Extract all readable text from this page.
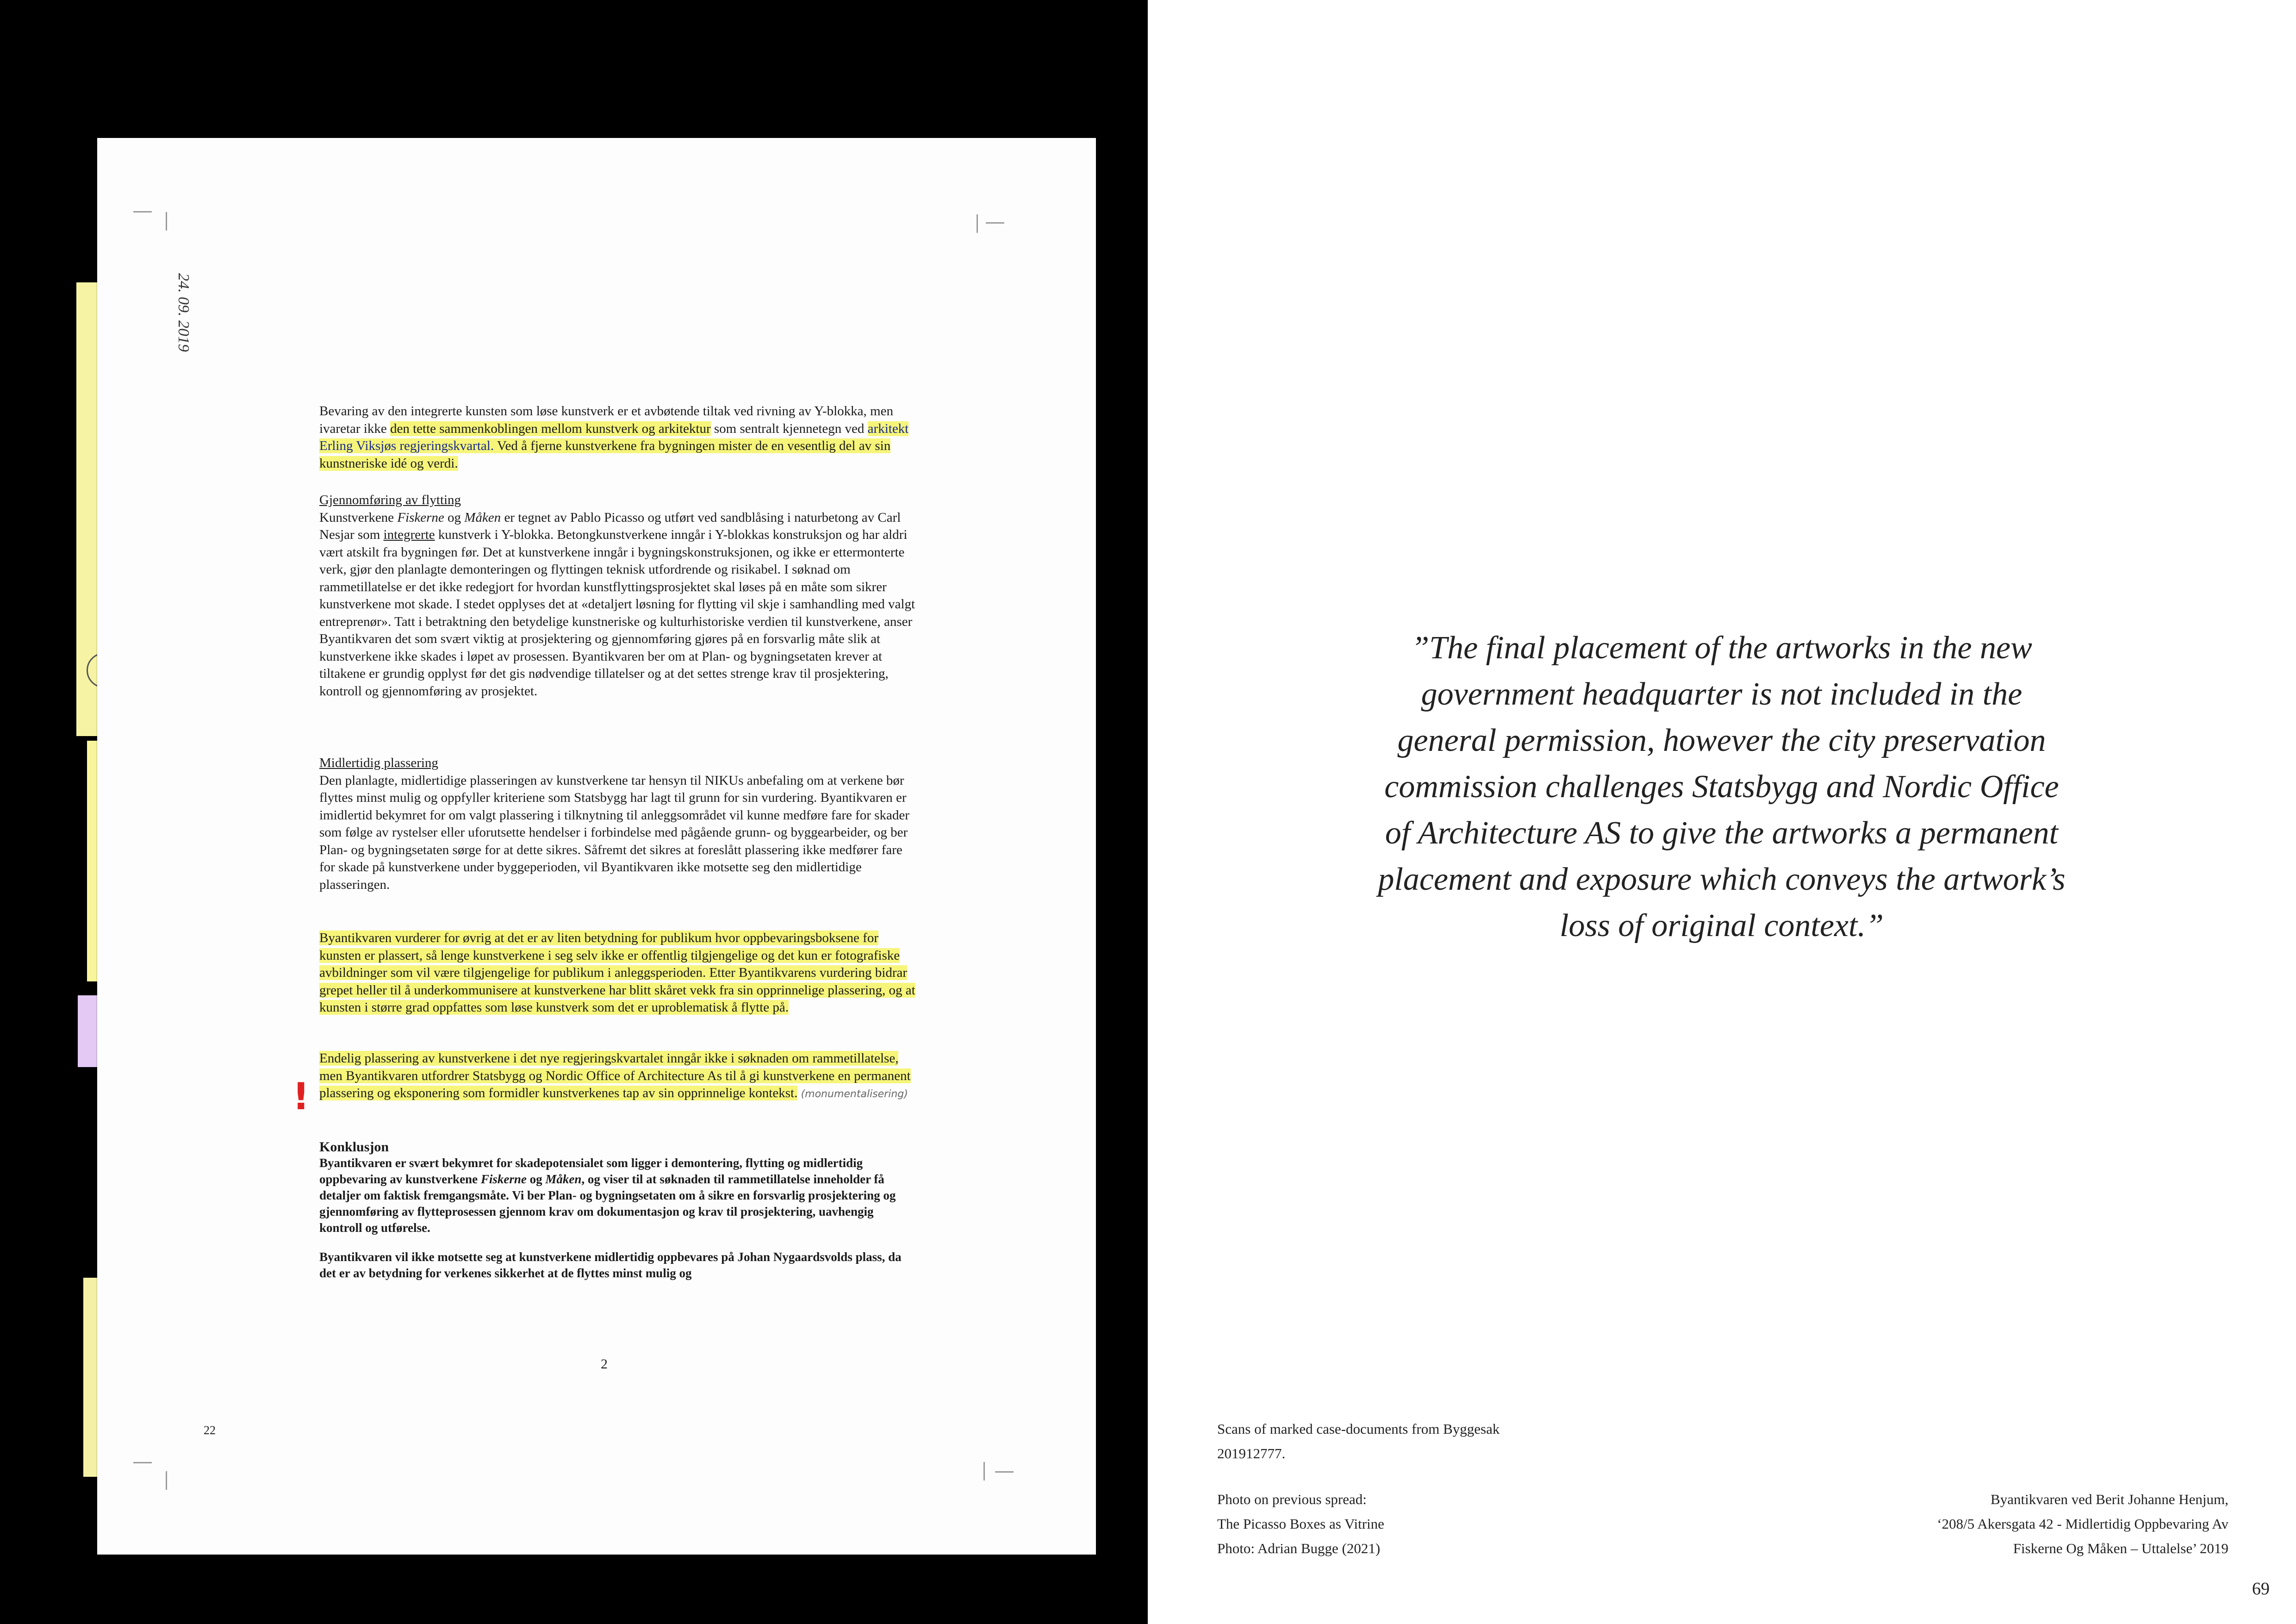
24. 09. 2019

Bevaring av den integrerte kunsten som løse kunstverk er et avbøtende tiltak ved rivning av Y-blokka, men ivaretar ikke den tette sammenkoblingen mellom kunstverk og arkitektur som sentralt kjennetegn ved arkitekt Erling Viksjøs regjeringskvartal. Ved å fjerne kunstverkene fra bygningen mister de en vesentlig del av sin kunstneriske idé og verdi.

Gjennomføring av flytting

Kunstverkene Fiskerne og Måken er tegnet av Pablo Picasso og utført ved sandblåsing i naturbetong av Carl Nesjar som integrerte kunstverk i Y-blokka. Betongkunstverkene inngår i Y-blokkas konstruksjon og har aldri vært atskilt fra bygningen før. Det at kunstverkene inngår i bygningskonstruksjonen, og ikke er ettermonterte verk, gjør den planlagte demonteringen og flyttingen teknisk utfordrende og risikabel. I søknad om rammetillatelse er det ikke redegjort for hvordan kunstflyttingsprosjektet skal løses på en måte som sikrer kunstverkene mot skade. I stedet opplyses det at «detaljert løsning for flytting vil skje i samhandling med valgt entreprenør». Tatt i betraktning den betydelige kunstneriske og kulturhistoriske verdien til kunstverkene, anser Byantikvaren det som svært viktig at prosjektering og gjennomføring gjøres på en forsvarlig måte slik at kunstverkene ikke skades i løpet av prosessen. Byantikvaren ber om at Plan- og bygningsetaten krever at tiltakene er grundig opplyst før det gis nødvendige tillatelser og at det settes strenge krav til prosjektering, kontroll og gjennomføring av prosjektet.

Midlertidig plassering

Den planlagte, midlertidige plasseringen av kunstverkene tar hensyn til NIKUs anbefaling om at verkene bør flyttes minst mulig og oppfyller kriteriene som Statsbygg har lagt til grunn for sin vurdering. Byantikvaren er imidlertid bekymret for om valgt plassering i tilknytning til anleggsområdet vil kunne medføre fare for skader som følge av rystelser eller uforutsette hendelser i forbindelse med pågående grunn- og byggearbeider, og ber Plan- og bygningsetaten sørge for at dette sikres. Såfremt det sikres at foreslått plassering ikke medfører fare for skade på kunstverkene under byggeperioden, vil Byantikvaren ikke motsette seg den midlertidige plasseringen.

Byantikvaren vurderer for øvrig at det er av liten betydning for publikum hvor oppbevaringsboksene for kunsten er plassert, så lenge kunstverkene i seg selv ikke er offentlig tilgjengelige og det kun er fotografiske avbildninger som vil være tilgjengelige for publikum i anleggsperioden. Etter Byantikvarens vurdering bidrar grepet heller til å underkommunisere at kunstverkene har blitt skåret vekk fra sin opprinnelige plassering, og at kunsten i større grad oppfattes som løse kunstverk som det er uproblematisk å flytte på.

Endelig plassering av kunstverkene i det nye regjeringskvartalet inngår ikke i søknaden om rammetillatelse, men Byantikvaren utfordrer Statsbygg og Nordic Office of Architecture As til å gi kunstverkene en permanent plassering og eksponering som formidler kunstverkenes tap av sin opprinnelige kontekst. (monumentalisering)

!

Konklusjon

Byantikvaren er svært bekymret for skadepotensialet som ligger i demontering, flytting og midlertidig oppbevaring av kunstverkene Fiskerne og Måken, og viser til at søknaden til rammetillatelse inneholder få detaljer om faktisk fremgangsmåte. Vi ber Plan- og bygningsetaten om å sikre en forsvarlig prosjektering og gjennomføring av flytteprosessen gjennom krav om dokumentasjon og krav til prosjektering, uavhengig kontroll og utførelse.

Byantikvaren vil ikke motsette seg at kunstverkene midlertidig oppbevares på Johan Nygaardsvolds plass, da det er av betydning for verkenes sikkerhet at de flyttes minst mulig og

2
22
”The final placement of the artworks in the new government headquarter is not included in the general permission, however the city preservation commission challenges Statsbygg and Nordic Office of Architecture AS to give the artworks a permanent placement and exposure which conveys the artwork’s loss of original context.”
Scans of marked case-documents from Byggesak
201912777.
Photo on previous spread:
The Picasso Boxes as Vitrine
Photo: Adrian Bugge (2021)
Byantikvaren ved Berit Johanne Henjum,
‘208/5 Akersgata 42 - Midlertidig Oppbevaring Av
Fiskerne Og Måken – Uttalelse’ 2019
69
